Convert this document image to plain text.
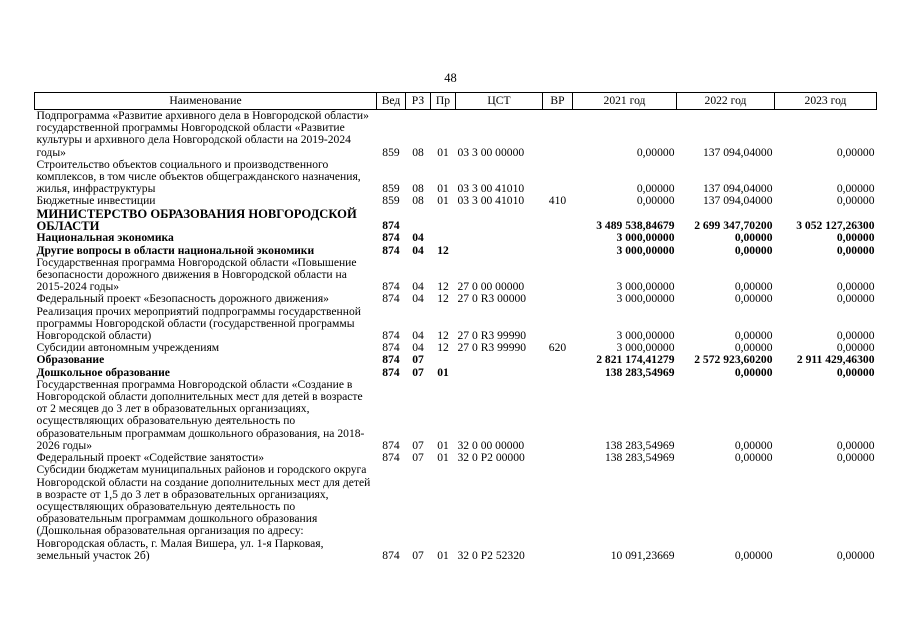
48
Наименование	Вед	РЗ	Пр	ЦСТ	ВР	2021 год	2022 год	2023 год
Подпрограмма «Развитие архивного дела в Новгородской области» государственной программы Новгородской области «Развитие культуры и архивного дела Новгородской области на 2019-2024 годы»	859	08	01	03 3 00 00000		0,00000	137 094,04000	0,00000
Строительство объектов социального и производственного комплексов, в том числе объектов общегражданского назначения, жилья, инфраструктуры	859	08	01	03 3 00 41010		0,00000	137 094,04000	0,00000
Бюджетные инвестиции	859	08	01	03 3 00 41010	410	0,00000	137 094,04000	0,00000
МИНИСТЕРСТВО ОБРАЗОВАНИЯ НОВГОРОДСКОЙ ОБЛАСТИ	874					3 489 538,84679	2 699 347,70200	3 052 127,26300
Национальная экономика	874	04				3 000,00000	0,00000	0,00000
Другие вопросы в области национальной экономики	874	04	12			3 000,00000	0,00000	0,00000
Государственная программа Новгородской области «Повышение безопасности дорожного движения в Новгородской области на 2015-2024 годы»	874	04	12	27 0 00 00000		3 000,00000	0,00000	0,00000
Федеральный проект «Безопасность дорожного движения»	874	04	12	27 0 R3 00000		3 000,00000	0,00000	0,00000
Реализация прочих мероприятий подпрограммы государственной программы Новгородской области (государственной программы Новгородской области)	874	04	12	27 0 R3 99990		3 000,00000	0,00000	0,00000
Субсидии автономным учреждениям	874	04	12	27 0 R3 99990	620	3 000,00000	0,00000	0,00000
Образование	874	07				2 821 174,41279	2 572 923,60200	2 911 429,46300
Дошкольное образование	874	07	01			138 283,54969	0,00000	0,00000
Государственная программа Новгородской области «Создание в Новгородской области дополнительных мест для детей в возрасте от 2 месяцев до 3 лет в образовательных организациях, осуществляющих образовательную деятельность по образовательным программам дошкольного образования, на 2018-2026 годы»	874	07	01	32 0 00 00000		138 283,54969	0,00000	0,00000
Федеральный проект «Содействие занятости»	874	07	01	32 0 P2 00000		138 283,54969	0,00000	0,00000
Субсидии бюджетам муниципальных районов и городского округа Новгородской области на создание дополнительных мест для детей в возрасте от 1,5 до 3 лет в образовательных организациях, осуществляющих образовательную деятельность по образовательным программам дошкольного образования (Дошкольная образовательная организация по адресу: Новгородская область, г. Малая Вишера, ул. 1-я Парковая, земельный участок 2б)	874	07	01	32 0 P2 52320		10 091,23669	0,00000	0,00000
